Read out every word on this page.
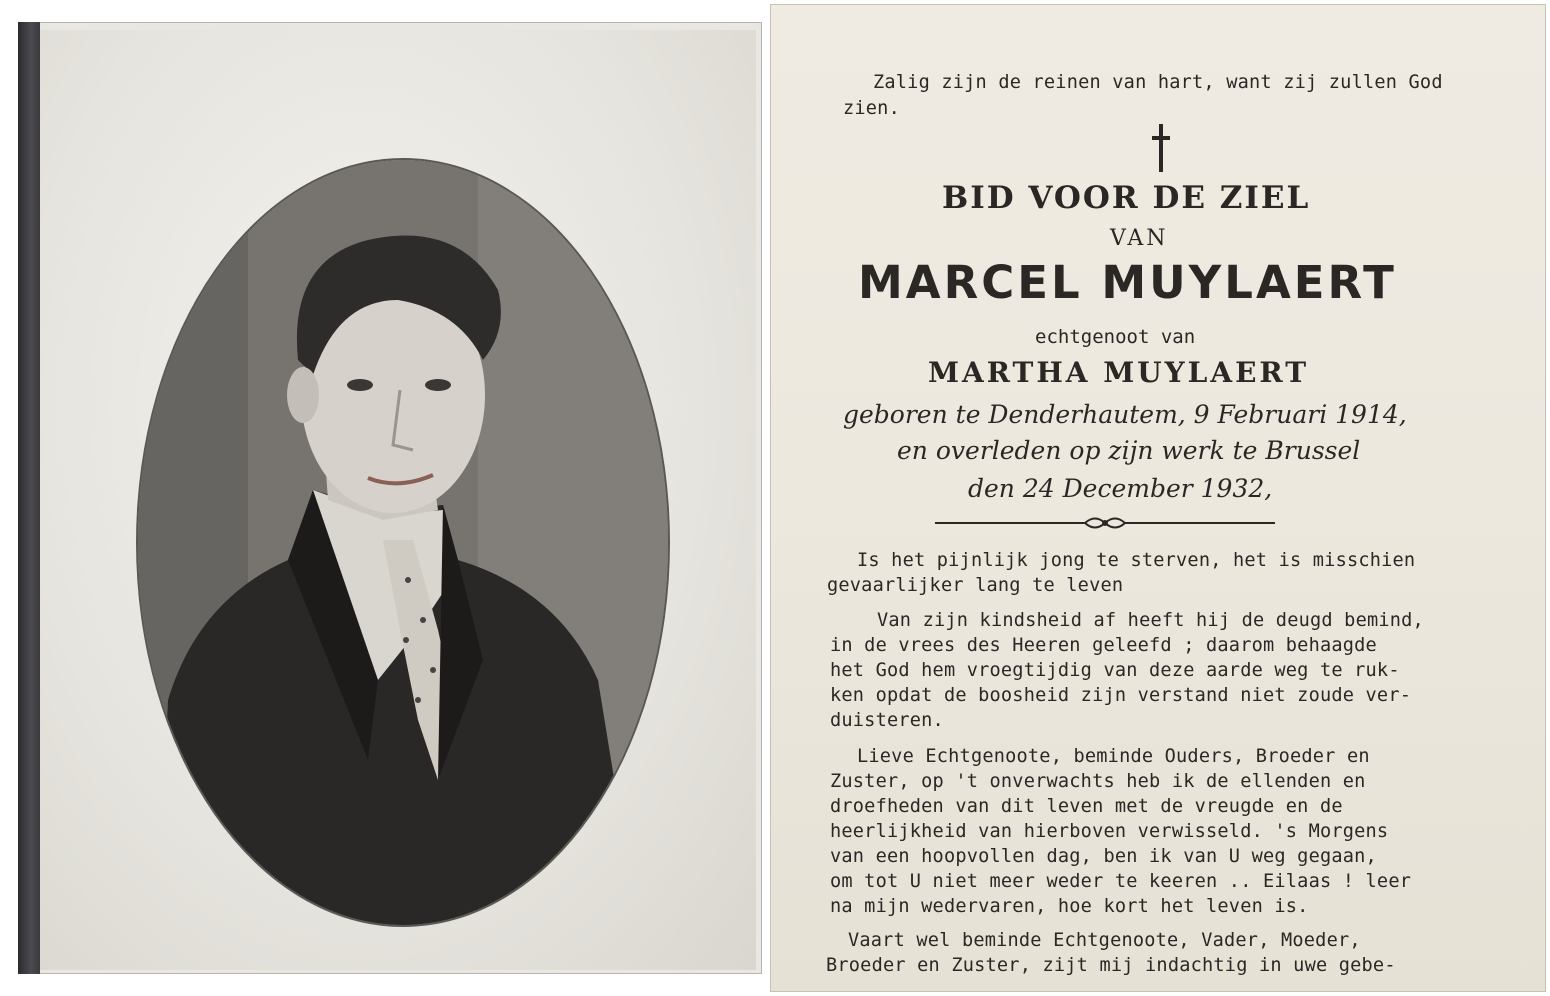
Zalig zijn de reinen van hart, want zij zullen God
zien.
BID VOOR DE ZIEL
VAN
MARCEL MUYLAERT
echtgenoot van
MARTHA MUYLAERT
geboren te Denderhautem, 9 Februari 1914,
en overleden op zijn werk te Brussel
den 24 December 1932,
Is het pijnlijk jong te sterven, het is misschien
gevaarlijker lang te leven
Van zijn kindsheid af heeft hij de deugd bemind,
in de vrees des Heeren geleefd ; daarom behaagde
het God hem vroegtijdig van deze aarde weg te ruk-
ken opdat de boosheid zijn verstand niet zoude ver-
duisteren.
Lieve Echtgenoote, beminde Ouders, Broeder en
Zuster, op 't onverwachts heb ik de ellenden en
droefheden van dit leven met de vreugde en de
heerlijkheid van hierboven verwisseld. 's Morgens
van een hoopvollen dag, ben ik van U weg gegaan,
om tot U niet meer weder te keeren .. Eilaas ! leer
na mijn wedervaren, hoe kort het leven is.
Vaart wel beminde Echtgenoote, Vader, Moeder,
Broeder en Zuster, zijt mij indachtig in uwe gebe-
